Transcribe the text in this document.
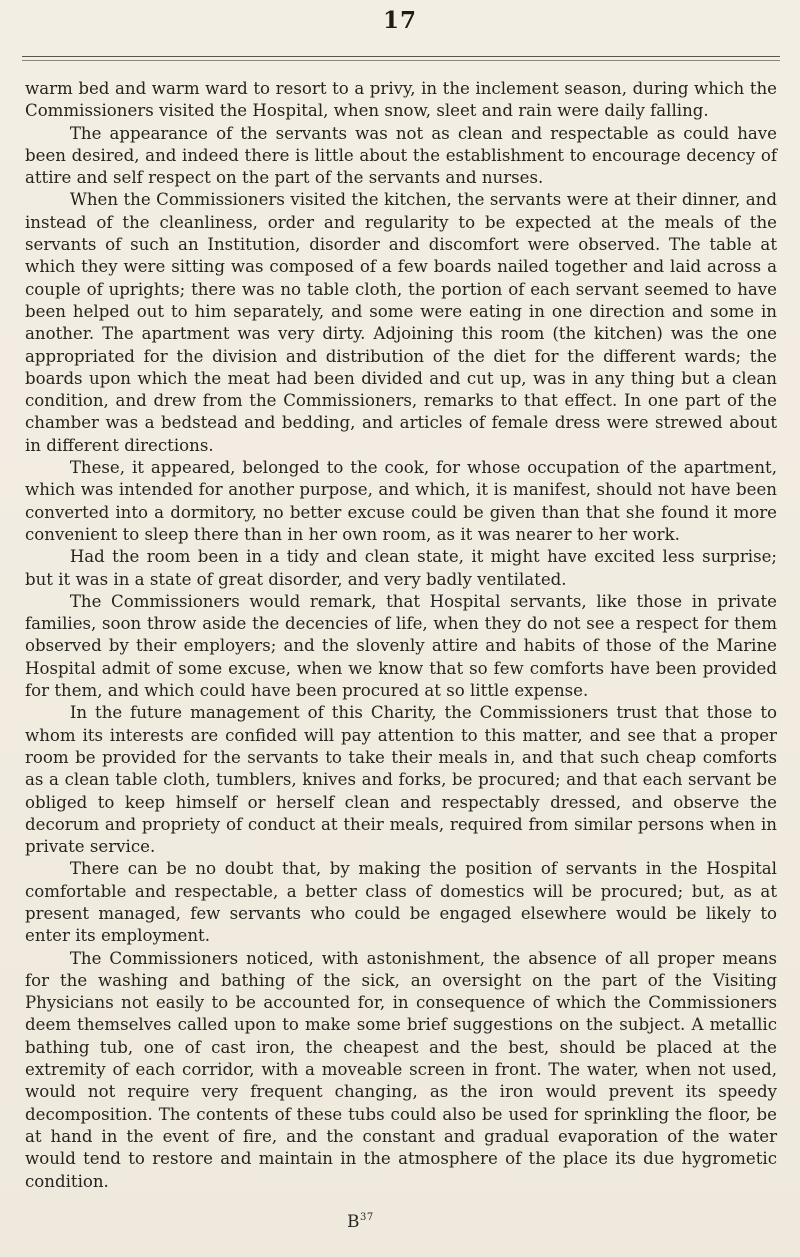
17

warm bed and warm ward to resort to a privy, in the inclement season, during which the Commissioners visited the Hospital, when snow, sleet and rain were daily falling.

The appearance of the servants was not as clean and respectable as could have been desired, and indeed there is little about the establishment to encourage decency of attire and self respect on the part of the servants and nurses.

When the Commissioners visited the kitchen, the servants were at their dinner, and instead of the cleanliness, order and regularity to be expected at the meals of the servants of such an Institution, disorder and discomfort were observed. The table at which they were sitting was composed of a few boards nailed together and laid across a couple of uprights; there was no table cloth, the portion of each servant seemed to have been helped out to him separately, and some were eating in one direction and some in another. The apartment was very dirty. Adjoining this room (the kitchen) was the one appropriated for the division and distribution of the diet for the different wards; the boards upon which the meat had been divided and cut up, was in any thing but a clean condition, and drew from the Commissioners, remarks to that effect. In one part of the chamber was a bedstead and bedding, and articles of female dress were strewed about in different directions.

These, it appeared, belonged to the cook, for whose occupation of the apartment, which was intended for another purpose, and which, it is manifest, should not have been converted into a dormitory, no better excuse could be given than that she found it more convenient to sleep there than in her own room, as it was nearer to her work.

Had the room been in a tidy and clean state, it might have excited less surprise; but it was in a state of great disorder, and very badly ventilated.

The Commissioners would remark, that Hospital servants, like those in private families, soon throw aside the decencies of life, when they do not see a respect for them observed by their employers; and the slovenly attire and habits of those of the Marine Hospital admit of some excuse, when we know that so few comforts have been provided for them, and which could have been procured at so little expense.

In the future management of this Charity, the Commissioners trust that those to whom its interests are confided will pay attention to this matter, and see that a proper room be provided for the servants to take their meals in, and that such cheap comforts as a clean table cloth, tumblers, knives and forks, be procured; and that each servant be obliged to keep himself or herself clean and respectably dressed, and observe the decorum and propriety of conduct at their meals, required from similar persons when in private service.

There can be no doubt that, by making the position of servants in the Hospital comfortable and respectable, a better class of domestics will be procured; but, as at present managed, few servants who could be engaged elsewhere would be likely to enter its employment.

The Commissioners noticed, with astonishment, the absence of all proper means for the washing and bathing of the sick, an oversight on the part of the Visiting Physicians not easily to be accounted for, in consequence of which the Commissioners deem themselves called upon to make some brief suggestions on the subject. A metallic bathing tub, one of cast iron, the cheapest and the best, should be placed at the extremity of each corridor, with a moveable screen in front. The water, when not used, would not require very frequent changing, as the iron would prevent its speedy decomposition. The contents of these tubs could also be used for sprinkling the floor, be at hand in the event of fire, and the constant and gradual evaporation of the water would tend to restore and maintain in the atmosphere of the place its due hygrometic condition.

$B^{37}$
